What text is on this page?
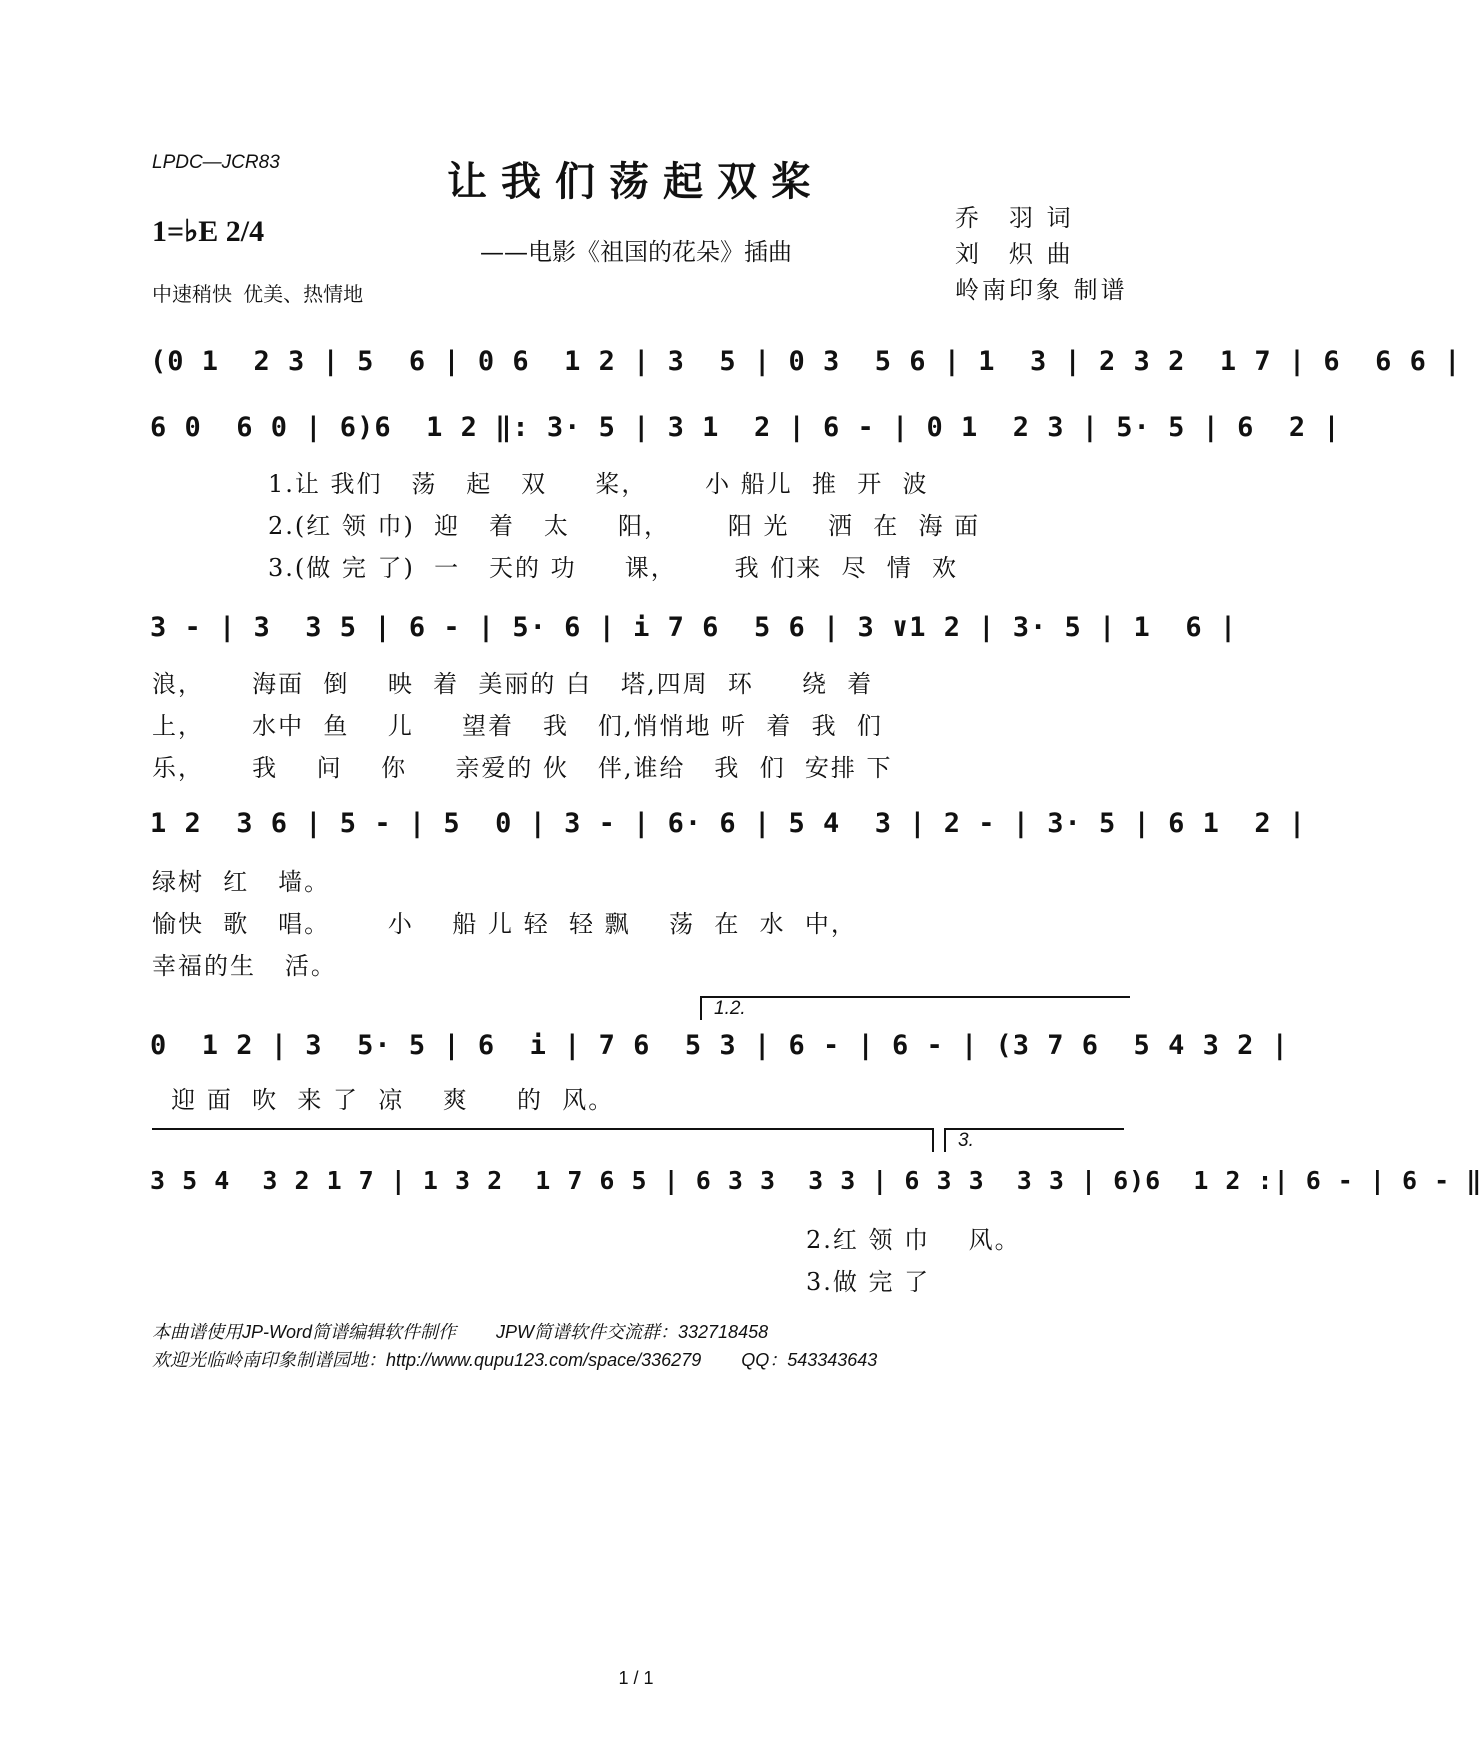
LPDC—JCR83	让我们荡起双桨
——电影《祖国的花朵》插曲
乔　羽 词
刘　炽 曲
岭南印象 制谱
1=♭E 2/4
中速稍快  优美、热情地
(0 1  2 3 | 5  6 | 0 6  1 2 | 3  5 | 0 3  5 6 | 1  3 | 2 3 2  1 7 | 6  6 6 |
6 0  6 0 | 6)6  1 2 ‖: 3· 5 | 3 1  2 | 6 - | 0 1  2 3 | 5· 5 | 6  2 |
1.让 我们   荡   起   双     桨，      小 船儿  推  开  波
2.(红 领 巾)  迎   着   太     阳，      阳 光    洒  在  海 面
3.(做 完 了)  一   天的 功     课，      我 们来  尽  情  欢
3 - | 3  3 5 | 6 - | 5· 6 | i 7 6  5 6 | 3 ∨1 2 | 3· 5 | 1  6 |
浪，     海面  倒    映  着  美丽的 白   塔,四周  环     绕  着
上，     水中  鱼    儿     望着   我   们,悄悄地 听  着  我  们
乐，     我    问    你     亲爱的 伙   伴,谁给   我  们  安排 下
1 2  3 6 | 5 - | 5  0 | 3 - | 6· 6 | 5 4  3 | 2 - | 3· 5 | 6 1  2 |
绿树  红   墙。
愉快  歌   唱。      小    船 儿 轻  轻 飘    荡  在  水  中，
幸福的生   活。
1.2.
0  1 2 | 3  5· 5 | 6  i | 7 6  5 3 | 6 - | 6 - | (3 7 6  5 4 3 2 |
迎 面  吹  来 了  凉    爽     的  风。
3.
3 5 4  3 2 1 7 | 1 3 2  1 7 6 5 | 6 3 3  3 3 | 6 3 3  3 3 | 6)6  1 2 :| 6 - | 6 - ‖
2.红 领 巾    风。
3.做 完 了
本曲谱使用JP-Word简谱编辑软件制作        JPW简谱软件交流群：332718458
欢迎光临岭南印象制谱园地：http://www.qupu123.com/space/336279        QQ：543343643
1 / 1
